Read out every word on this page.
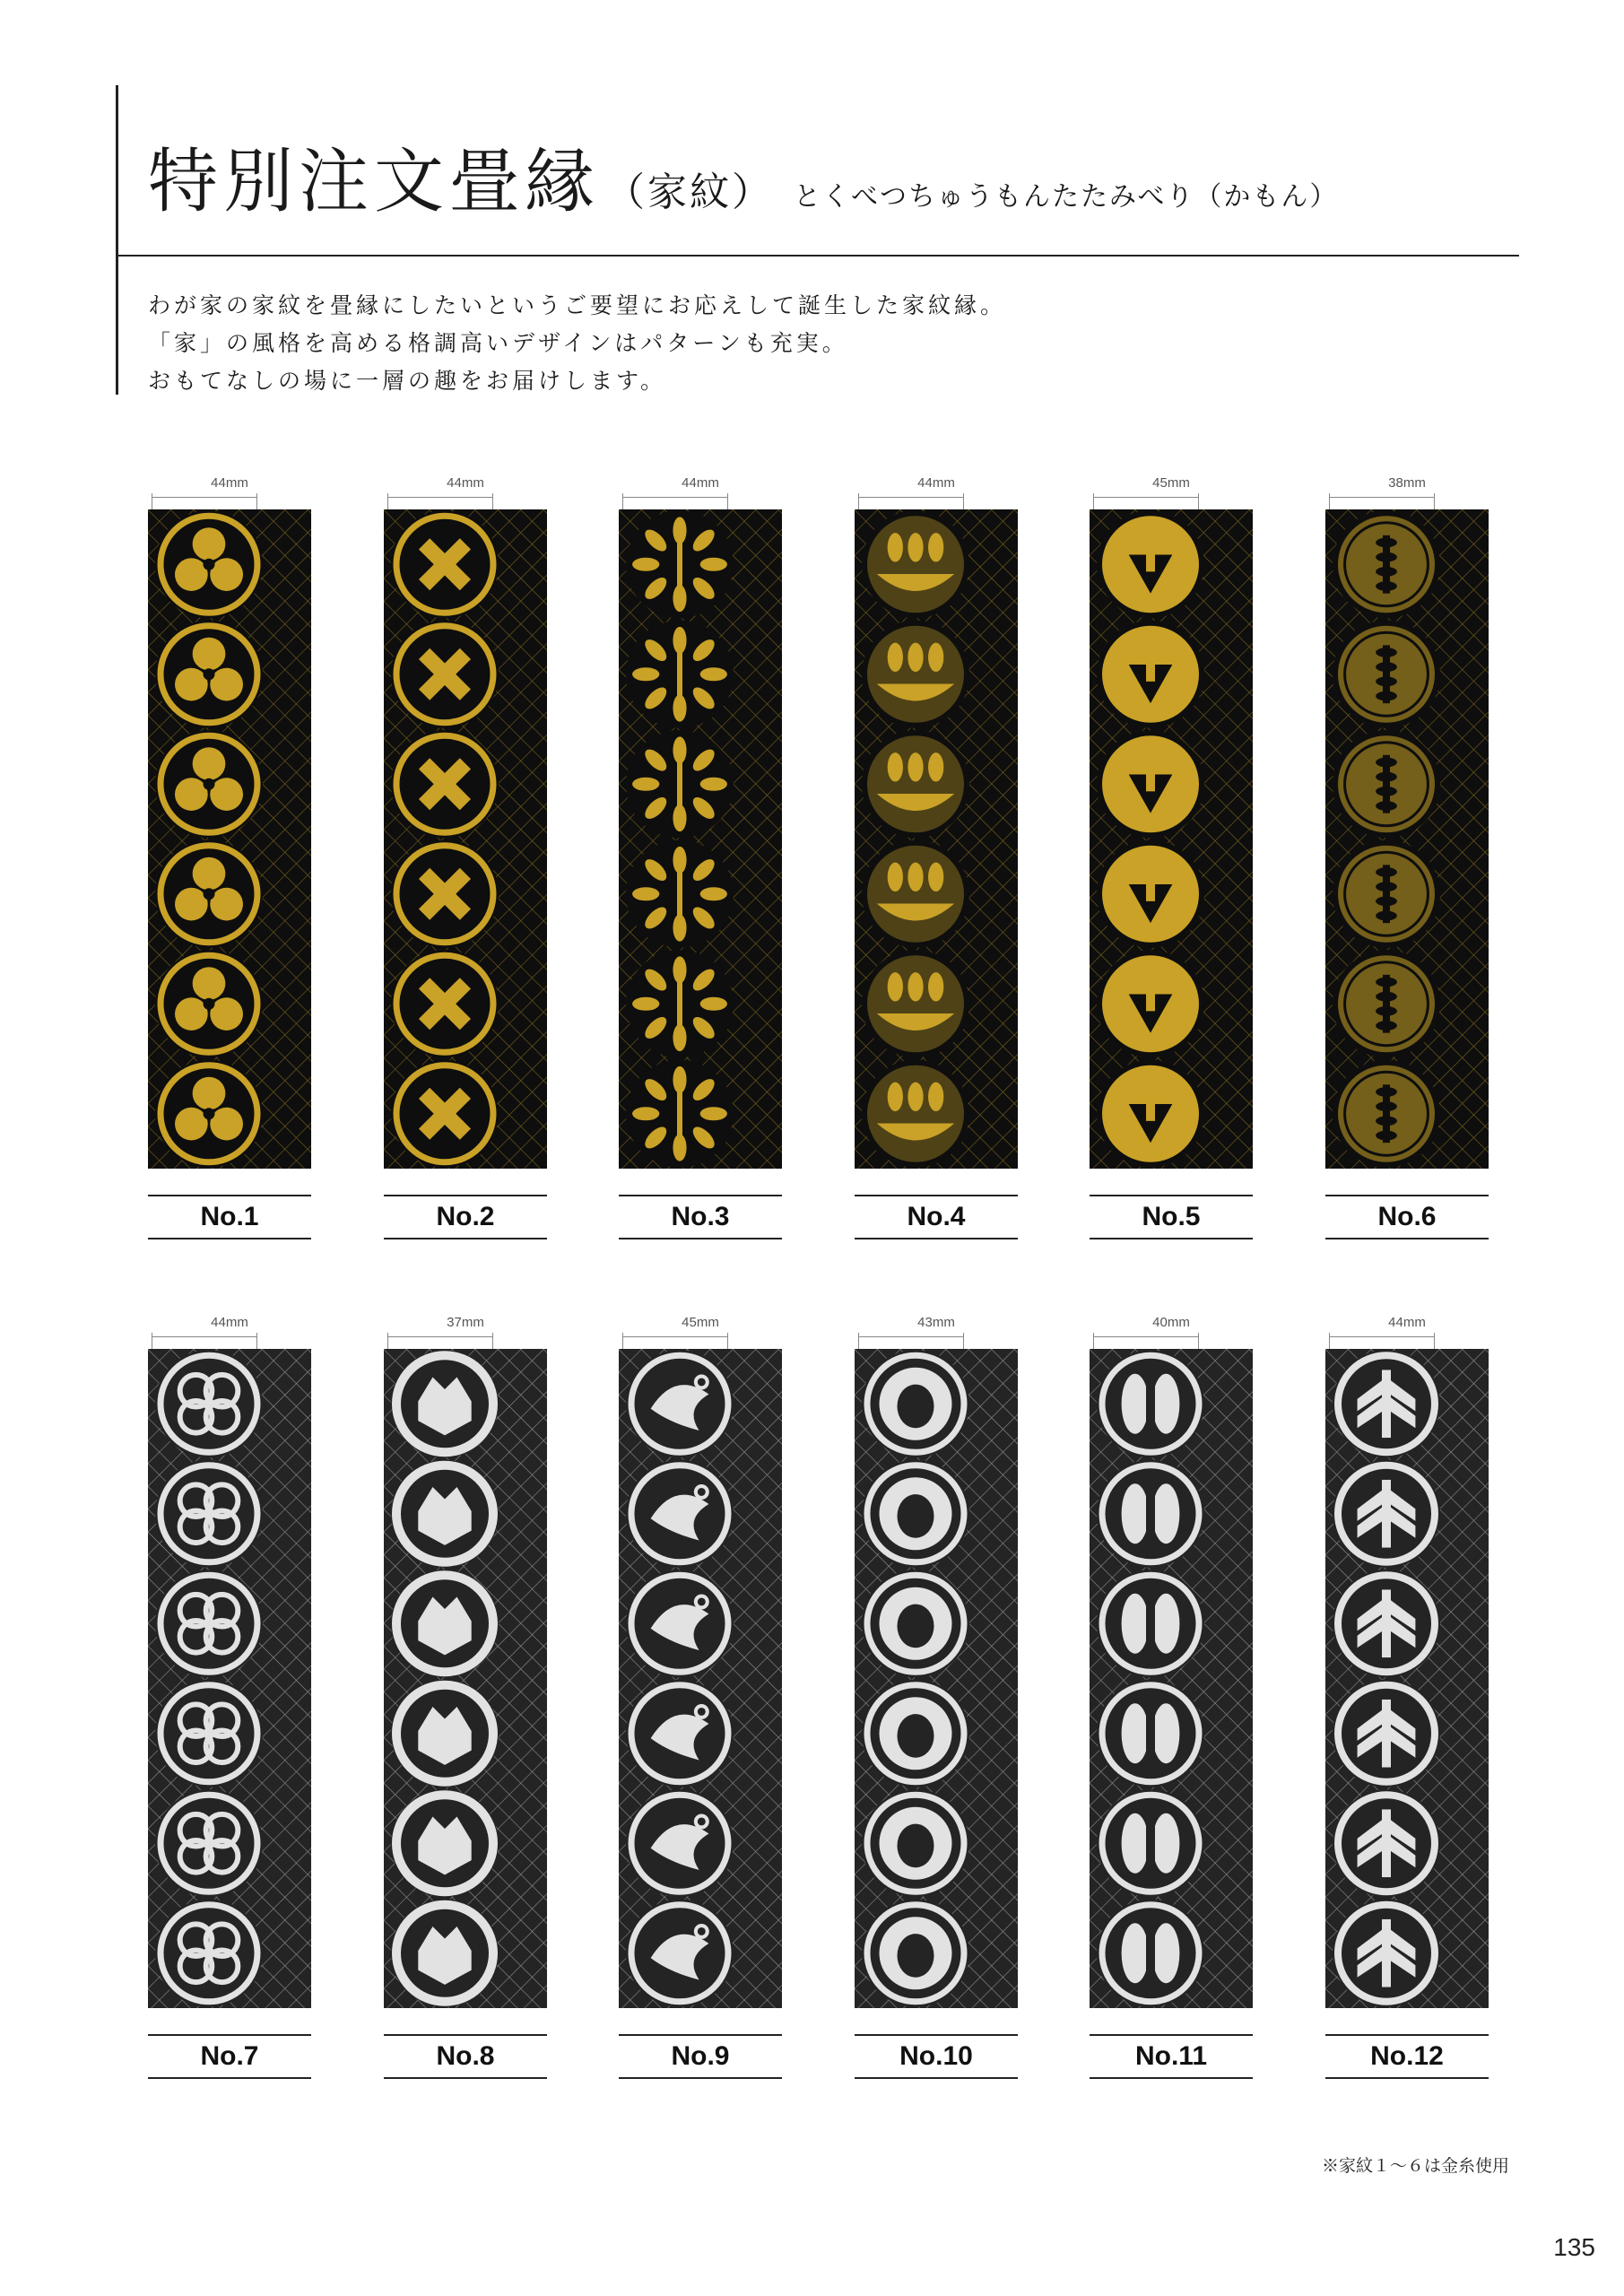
特別注文畳縁 （家紋） とくべつちゅうもんたたみべり（かもん）
わが家の家紋を畳縁にしたいというご要望にお応えして誕生した家紋縁。
「家」の風格を高める格調高いデザインはパターンも充実。
おもてなしの場に一層の趣をお届けします。
44mm
No.1
44mm
No.2
44mm
No.3
44mm
No.4
45mm
No.5
38mm
No.6
44mm
No.7
37mm
No.8
45mm
No.9
43mm
No.10
40mm
No.11
44mm
No.12
※家紋１～６は金糸使用
135
